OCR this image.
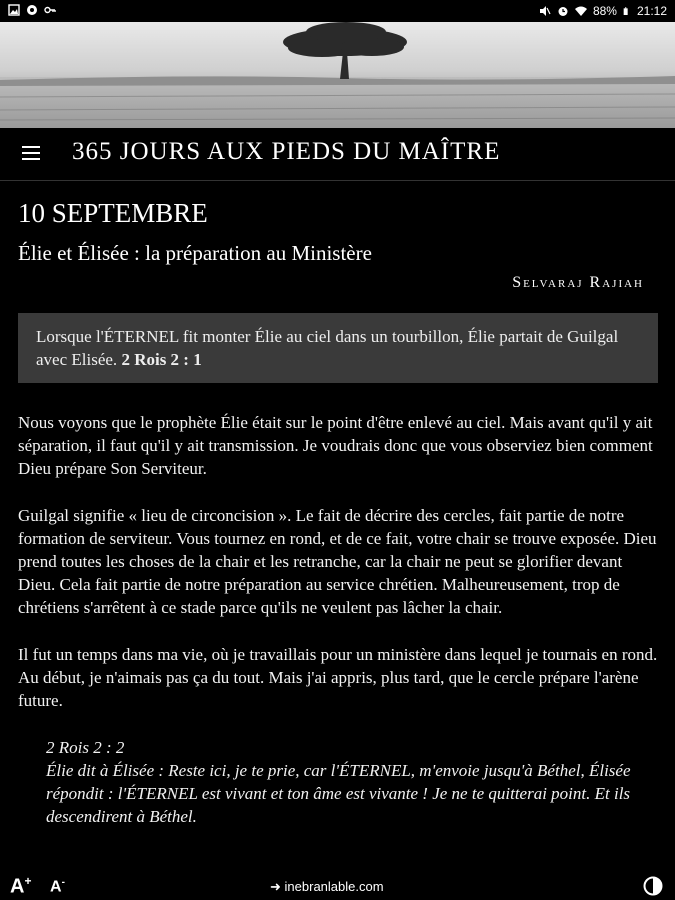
88% 21:12
365 JOURS AUX PIEDS DU MAÎTRE
10 SEPTEMBRE
Élie et Élisée : la préparation au Ministère
Selvaraj Rajiah
Lorsque l'ÉTERNEL fit monter Élie au ciel dans un tourbillon, Élie partait de Guilgal avec Elisée. 2 Rois 2 : 1
Nous voyons que le prophète Élie était sur le point d'être enlevé au ciel. Mais avant qu'il y ait séparation, il faut qu'il y ait transmission. Je voudrais donc que vous observiez bien comment Dieu prépare Son Serviteur.
Guilgal signifie « lieu de circoncision ». Le fait de décrire des cercles, fait partie de notre formation de serviteur. Vous tournez en rond, et de ce fait, votre chair se trouve exposée. Dieu prend toutes les choses de la chair et les retranche, car la chair ne peut se glorifier devant Dieu. Cela fait partie de notre préparation au service chrétien. Malheureusement, trop de chrétiens s'arrêtent à ce stade parce qu'ils ne veulent pas lâcher la chair.
Il fut un temps dans ma vie, où je travaillais pour un ministère dans lequel je tournais en rond. Au début, je n'aimais pas ça du tout. Mais j'ai appris, plus tard, que le cercle prépare l'arène future.
2 Rois 2 : 2
Élie dit à Élisée : Reste ici, je te prie, car l'ÉTERNEL, m'envoie jusqu'à Béthel, Élisée répondit : l'ÉTERNEL est vivant et ton âme est vivante ! Je ne te quitterai point. Et ils descendirent à Béthel.
A+ A-	➜ inebranlable.com
